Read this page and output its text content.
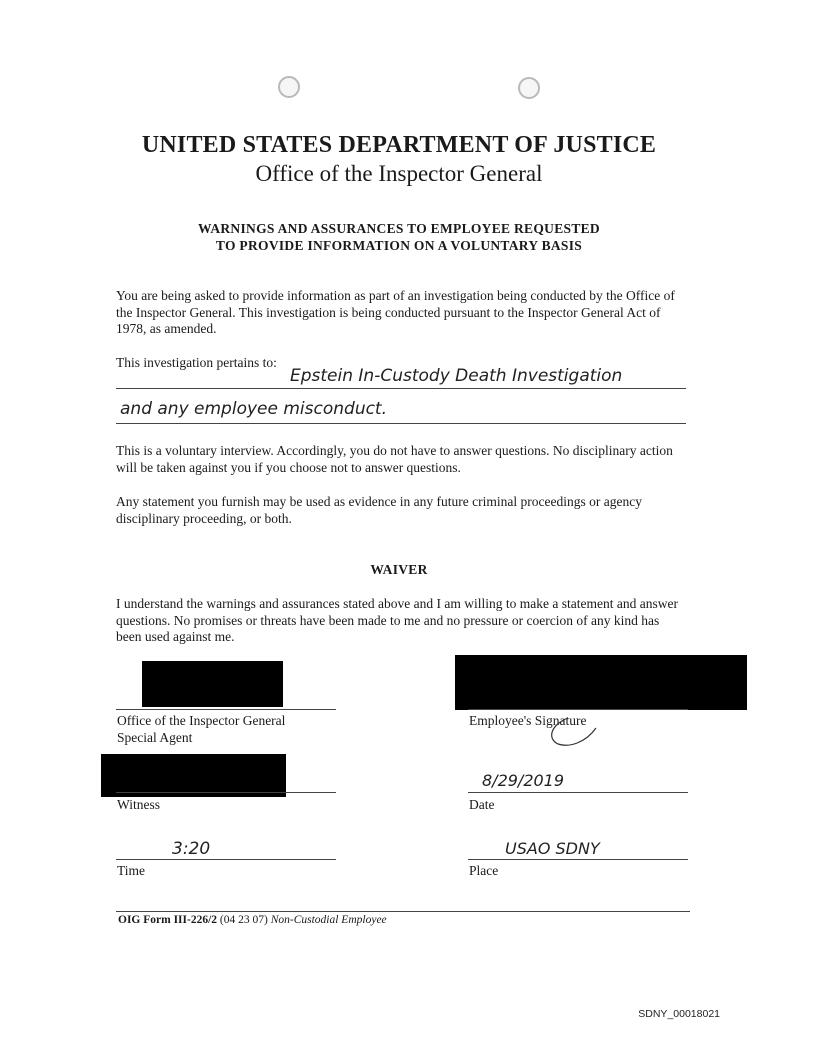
UNITED STATES DEPARTMENT OF JUSTICE
Office of the Inspector General
WARNINGS AND ASSURANCES TO EMPLOYEE REQUESTED
TO PROVIDE INFORMATION ON A VOLUNTARY BASIS
You are being asked to provide information as part of an investigation being conducted by the Office of the Inspector General. This investigation is being conducted pursuant to the Inspector General Act of 1978, as amended.
This investigation pertains to:
Epstein In-Custody Death Investigation
and any employee misconduct.
This is a voluntary interview. Accordingly, you do not have to answer questions. No disciplinary action will be taken against you if you choose not to answer questions.
Any statement you furnish may be used as evidence in any future criminal proceedings or agency disciplinary proceeding, or both.
WAIVER
I understand the warnings and assurances stated above and I am willing to make a statement and answer questions. No promises or threats have been made to me and no pressure or coercion of any kind has been used against me.
Office of the Inspector General
Special Agent
Employee's Signature
Witness
8/29/2019
Date
3:20
Time
USAO SDNY
Place
OIG Form III-226/2 (04 23 07) Non-Custodial Employee
SDNY_00018021
